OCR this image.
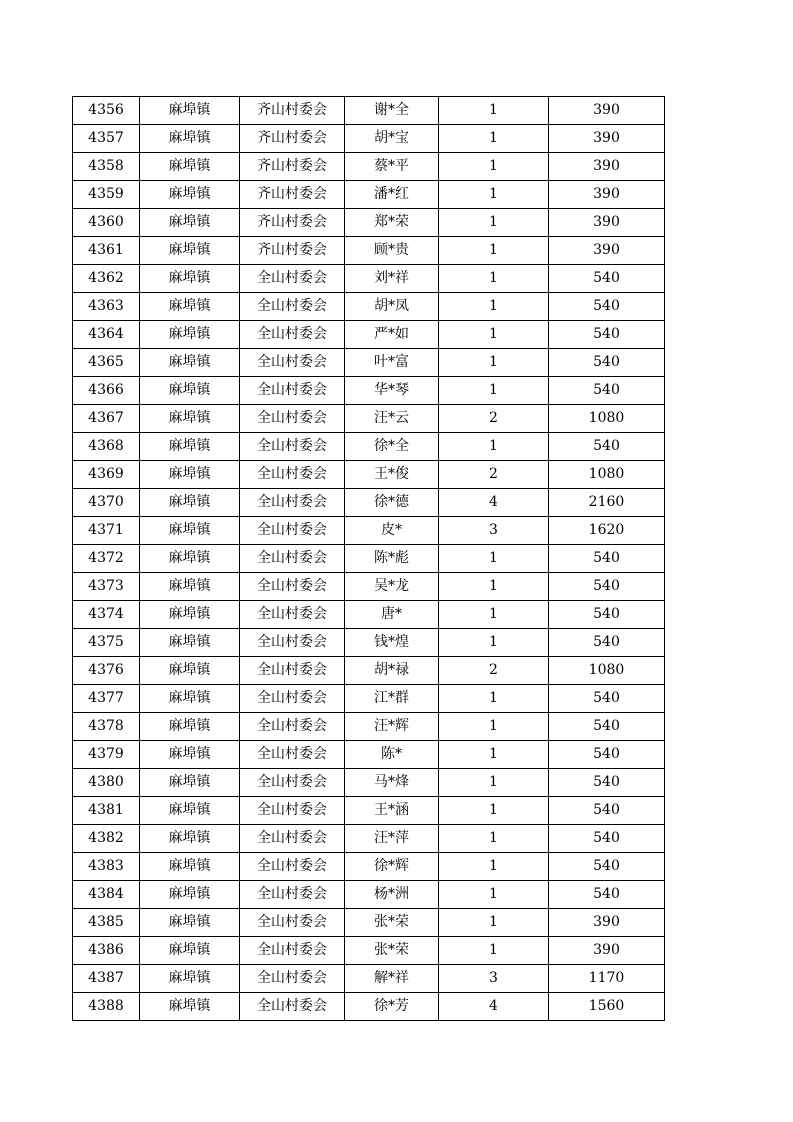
4356	麻埠镇	齐山村委会	谢*全	1	390
4357	麻埠镇	齐山村委会	胡*宝	1	390
4358	麻埠镇	齐山村委会	蔡*平	1	390
4359	麻埠镇	齐山村委会	潘*红	1	390
4360	麻埠镇	齐山村委会	郑*荣	1	390
4361	麻埠镇	齐山村委会	顾*贵	1	390
4362	麻埠镇	全山村委会	刘*祥	1	540
4363	麻埠镇	全山村委会	胡*凤	1	540
4364	麻埠镇	全山村委会	严*如	1	540
4365	麻埠镇	全山村委会	叶*富	1	540
4366	麻埠镇	全山村委会	华*琴	1	540
4367	麻埠镇	全山村委会	汪*云	2	1080
4368	麻埠镇	全山村委会	徐*全	1	540
4369	麻埠镇	全山村委会	王*俊	2	1080
4370	麻埠镇	全山村委会	徐*德	4	2160
4371	麻埠镇	全山村委会	皮*	3	1620
4372	麻埠镇	全山村委会	陈*彪	1	540
4373	麻埠镇	全山村委会	吴*龙	1	540
4374	麻埠镇	全山村委会	唐*	1	540
4375	麻埠镇	全山村委会	钱*煌	1	540
4376	麻埠镇	全山村委会	胡*禄	2	1080
4377	麻埠镇	全山村委会	江*群	1	540
4378	麻埠镇	全山村委会	汪*辉	1	540
4379	麻埠镇	全山村委会	陈*	1	540
4380	麻埠镇	全山村委会	马*烽	1	540
4381	麻埠镇	全山村委会	王*涵	1	540
4382	麻埠镇	全山村委会	汪*萍	1	540
4383	麻埠镇	全山村委会	徐*辉	1	540
4384	麻埠镇	全山村委会	杨*洲	1	540
4385	麻埠镇	全山村委会	张*荣	1	390
4386	麻埠镇	全山村委会	张*荣	1	390
4387	麻埠镇	全山村委会	解*祥	3	1170
4388	麻埠镇	全山村委会	徐*芳	4	1560
